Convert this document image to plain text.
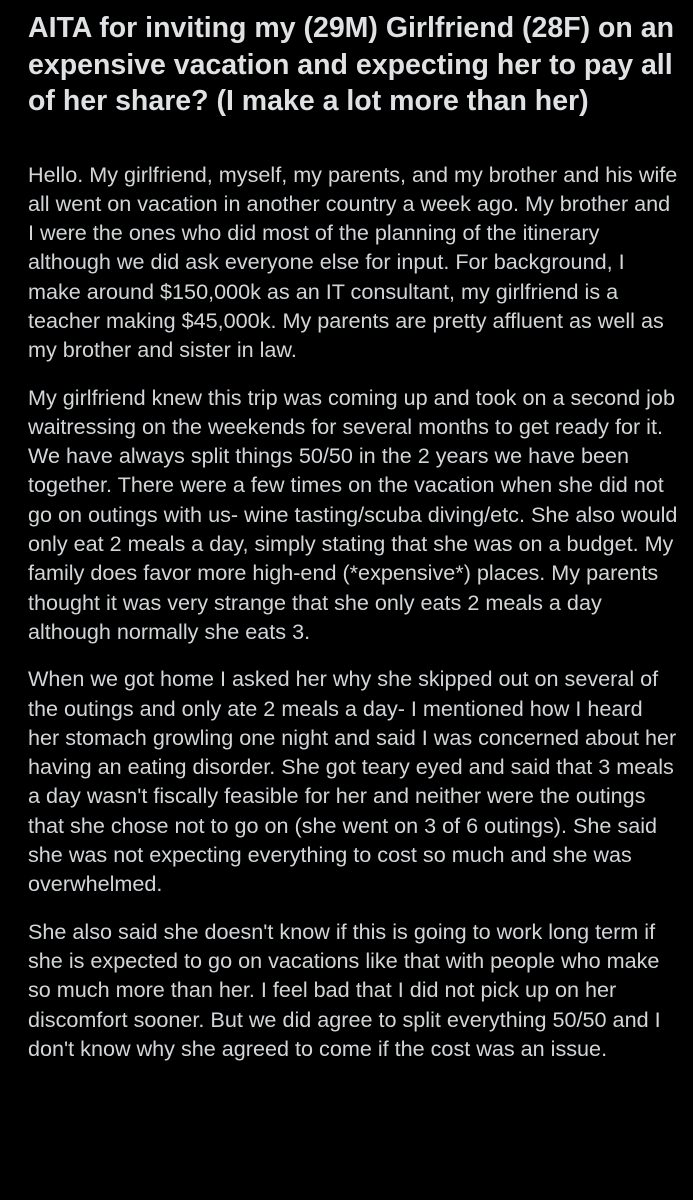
AITA for inviting my (29M) Girlfriend (28F) on an expensive vacation and expecting her to pay all of her share? (I make a lot more than her)

Hello. My girlfriend, myself, my parents, and my brother and his wife all went on vacation in another country a week ago. My brother and I were the ones who did most of the planning of the itinerary although we did ask everyone else for input. For background, I make around $150,000k as an IT consultant, my girlfriend is a teacher making $45,000k. My parents are pretty affluent as well as my brother and sister in law.

My girlfriend knew this trip was coming up and took on a second job waitressing on the weekends for several months to get ready for it. We have always split things 50/50 in the 2 years we have been together. There were a few times on the vacation when she did not go on outings with us- wine tasting/scuba diving/etc. She also would only eat 2 meals a day, simply stating that she was on a budget. My family does favor more high-end (*expensive*) places. My parents thought it was very strange that she only eats 2 meals a day although normally she eats 3.

When we got home I asked her why she skipped out on several of the outings and only ate 2 meals a day- I mentioned how I heard her stomach growling one night and said I was concerned about her having an eating disorder. She got teary eyed and said that 3 meals a day wasn't fiscally feasible for her and neither were the outings that she chose not to go on (she went on 3 of 6 outings). She said she was not expecting everything to cost so much and she was overwhelmed.

She also said she doesn't know if this is going to work long term if she is expected to go on vacations like that with people who make so much more than her. I feel bad that I did not pick up on her discomfort sooner. But we did agree to split everything 50/50 and I don't know why she agreed to come if the cost was an issue.
